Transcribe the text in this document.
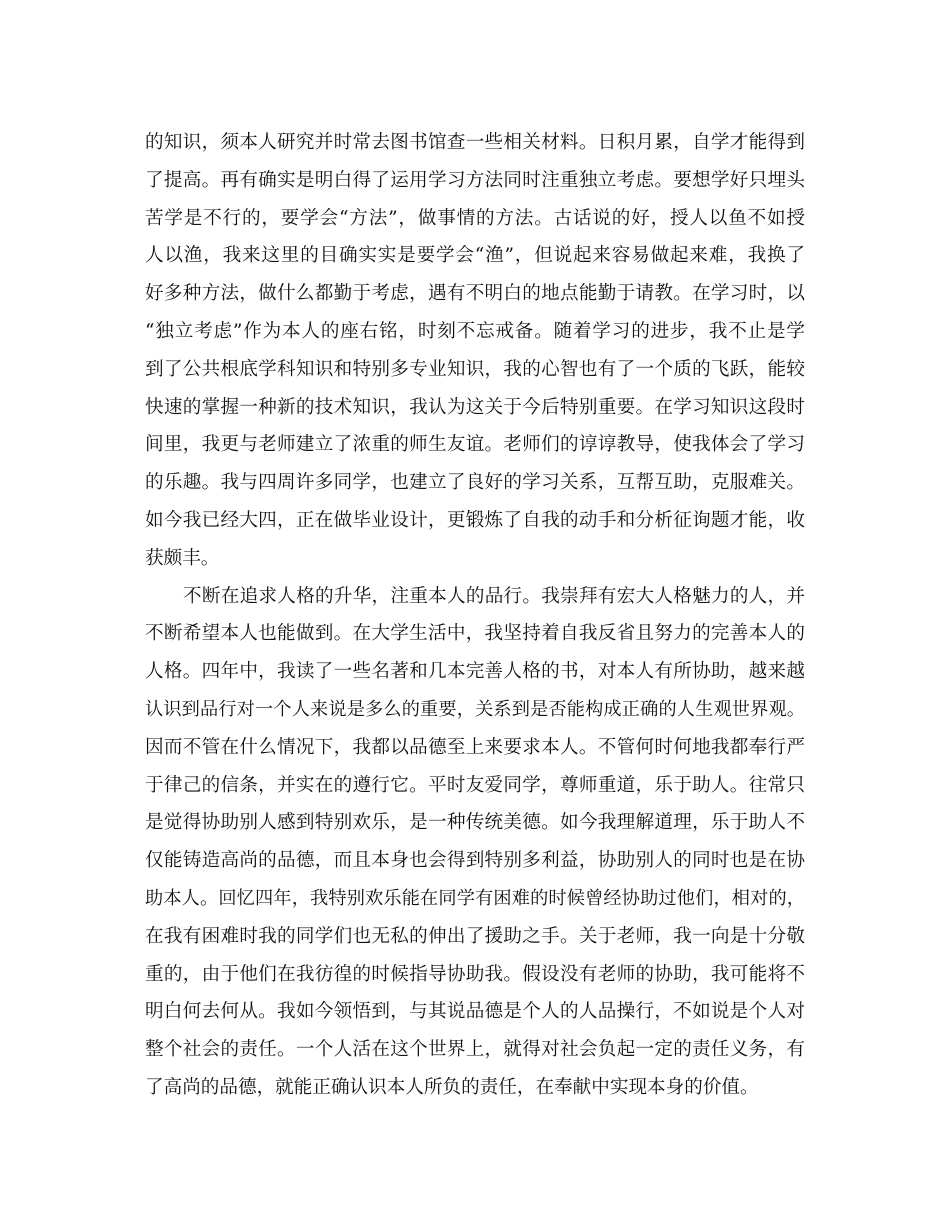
的知识，须本人研究并时常去图书馆查一些相关材料。日积月累，自学才能得到
了提高。再有确实是明白得了运用学习方法同时注重独立考虑。要想学好只埋头
苦学是不行的，要学会“方法”，做事情的方法。古话说的好，授人以鱼不如授
人以渔，我来这里的目确实实是要学会“渔”，但说起来容易做起来难，我换了
好多种方法，做什么都勤于考虑，遇有不明白的地点能勤于请教。在学习时，以
“独立考虑”作为本人的座右铭，时刻不忘戒备。随着学习的进步，我不止是学
到了公共根底学科知识和特别多专业知识，我的心智也有了一个质的飞跃，能较
快速的掌握一种新的技术知识，我认为这关于今后特别重要。在学习知识这段时
间里，我更与老师建立了浓重的师生友谊。老师们的谆谆教导，使我体会了学习
的乐趣。我与四周许多同学，也建立了良好的学习关系，互帮互助，克服难关。
如今我已经大四，正在做毕业设计，更锻炼了自我的动手和分析征询题才能，收
获颇丰。
不断在追求人格的升华，注重本人的品行。我崇拜有宏大人格魅力的人，并
不断希望本人也能做到。在大学生活中，我坚持着自我反省且努力的完善本人的
人格。四年中，我读了一些名著和几本完善人格的书，对本人有所协助，越来越
认识到品行对一个人来说是多么的重要，关系到是否能构成正确的人生观世界观。
因而不管在什么情况下，我都以品德至上来要求本人。不管何时何地我都奉行严
于律己的信条，并实在的遵行它。平时友爱同学，尊师重道，乐于助人。往常只
是觉得协助别人感到特别欢乐，是一种传统美德。如今我理解道理，乐于助人不
仅能铸造高尚的品德，而且本身也会得到特别多利益，协助别人的同时也是在协
助本人。回忆四年，我特别欢乐能在同学有困难的时候曾经协助过他们，相对的，
在我有困难时我的同学们也无私的伸出了援助之手。关于老师，我一向是十分敬
重的，由于他们在我彷徨的时候指导协助我。假设没有老师的协助，我可能将不
明白何去何从。我如今领悟到，与其说品德是个人的人品操行，不如说是个人对
整个社会的责任。一个人活在这个世界上，就得对社会负起一定的责任义务，有
了高尚的品德，就能正确认识本人所负的责任，在奉献中实现本身的价值。
